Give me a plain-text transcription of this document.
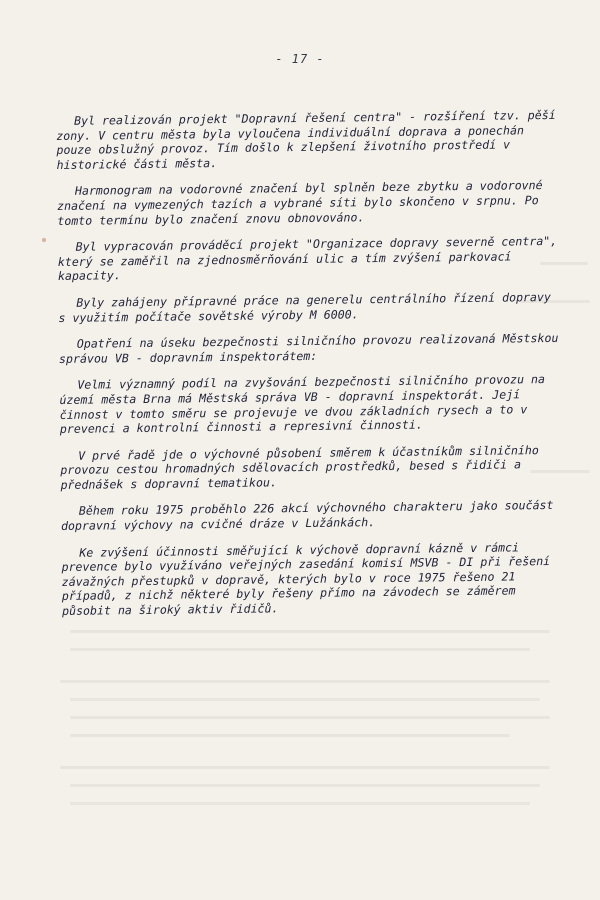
- 17 -

Byl realizován projekt "Dopravní řešení centra" - rozšíření tzv. pěší zony. V centru města byla vyloučena individuální doprava a ponechán pouze obslužný provoz. Tím došlo k zlepšení životního prostředí v historické části města.

Harmonogram na vodorovné značení byl splněn beze zbytku a vodorovné značení na vymezených tazích a vybrané síti bylo skončeno v srpnu. Po tomto termínu bylo značení znovu obnovováno.

Byl vypracován prováděcí projekt "Organizace dopravy severně centra", který se zaměřil na zjednosměrňování ulic a tím zvýšení parkovací kapacity.

Byly zahájeny přípravné práce na generelu centrálního řízení dopravy s využitím počítače sovětské výroby M 6000.

Opatření na úseku bezpečnosti silničního provozu realizovaná Městskou správou VB - dopravním inspektorátem:

Velmi významný podíl na zvyšování bezpečnosti silničního provozu na území města Brna má Městská správa VB - dopravní inspektorát. Její činnost v tomto směru se projevuje ve dvou základních rysech a to v prevenci a kontrolní činnosti a represivní činnosti.

V prvé řadě jde o výchovné působení směrem k účastníkům silničního provozu cestou hromadných sdělovacích prostředků, besed s řidiči a přednášek s dopravní tematikou.

Během roku 1975 proběhlo 226 akcí výchovného charakteru jako součást dopravní výchovy na cvičné dráze v Lužánkách.

Ke zvýšení účinnosti směřující k výchově dopravní kázně v rámci prevence bylo využíváno veřejných zasedání komisí MSVB - DI při řešení závažných přestupků v dopravě, kterých bylo v roce 1975 řešeno 21 případů, z nichž některé byly řešeny přímo na závodech se záměrem působit na široký aktiv řidičů.
